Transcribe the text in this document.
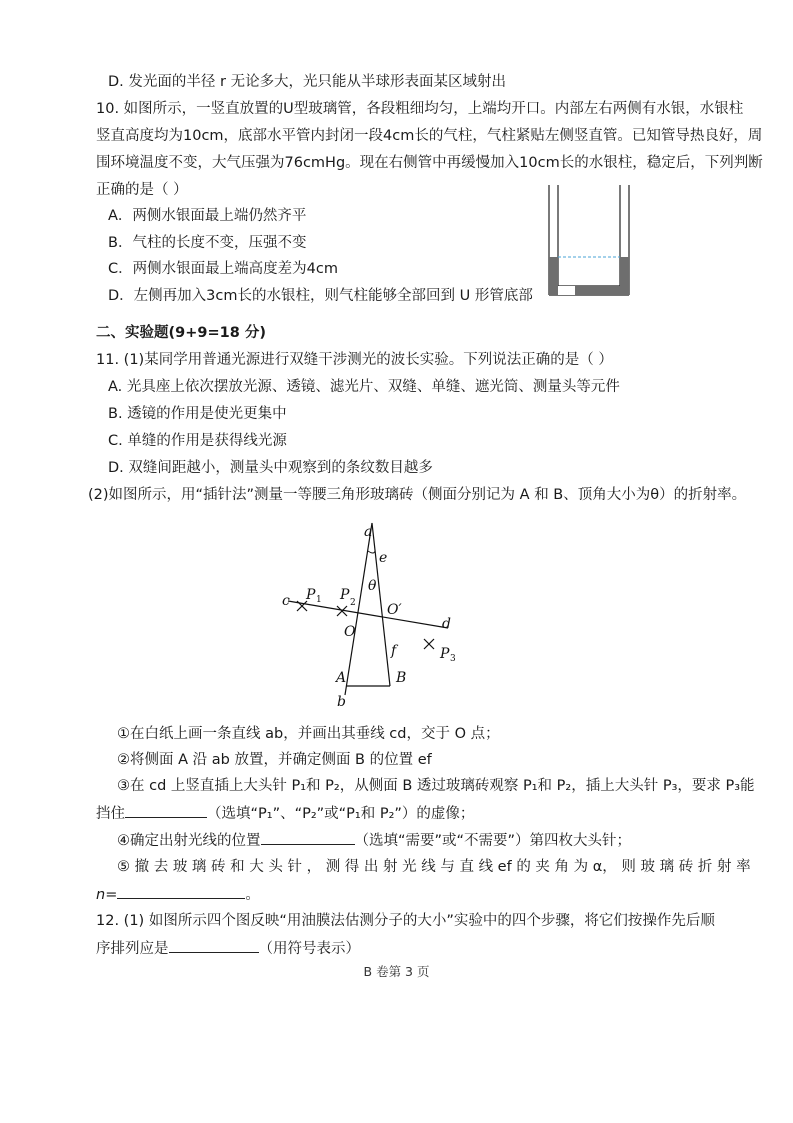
D. 发光面的半径 r 无论多大，光只能从半球形表面某区域射出
10. 如图所示，一竖直放置的U型玻璃管，各段粗细均匀，上端均开口。内部左右两侧有水银，水银柱
竖直高度均为10cm，底部水平管内封闭一段4cm长的气柱，气柱紧贴左侧竖直管。已知管导热良好，周
围环境温度不变，大气压强为76cmHg。现在右侧管中再缓慢加入10cm长的水银柱，稳定后，下列判断
正确的是（ ）
A．两侧水银面最上端仍然齐平
B．气柱的长度不变，压强不变
C．两侧水银面最上端高度差为4cm
D．左侧再加入3cm长的水银柱，则气柱能够全部回到 U 形管底部
二、实验题(9+9=18 分)
11. (1)某同学用普通光源进行双缝干涉测光的波长实验。下列说法正确的是（ ）
A. 光具座上依次摆放光源、透镜、滤光片、双缝、单缝、遮光筒、测量头等元件
B. 透镜的作用是使光更集中
C. 单缝的作用是获得线光源
D. 双缝间距越小，测量头中观察到的条纹数目越多
(2)如图所示，用“插针法”测量一等腰三角形玻璃砖（侧面分别记为 A 和 B、顶角大小为θ）的折射率。
a
e
θ
c P 1 P 2 O′
O	d
f	P 3
A	B
b
①在白纸上画一条直线 ab，并画出其垂线 cd，交于 O 点；
②将侧面 A 沿 ab 放置，并确定侧面 B 的位置 ef
③在 cd 上竖直插上大头针 P₁和 P₂，从侧面 B 透过玻璃砖观察 P₁和 P₂，插上大头针 P₃，要求 P₃能
挡住	（选填“P₁”、“P₂”或“P₁和 P₂”）的虚像；
④确定出射光线的位置	（选填“需要”或“不需要”）第四枚大头针；
⑤ 撤 去 玻 璃 砖 和 大 头 针 ， 测 得 出 射 光 线 与 直 线 ef 的 夹 角 为 α， 则 玻 璃 砖 折 射 率
n=	。
12. (1) 如图所示四个图反映“用油膜法估测分子的大小”实验中的四个步骤，将它们按操作先后顺
序排列应是	（用符号表示）
B 卷第 3 页
